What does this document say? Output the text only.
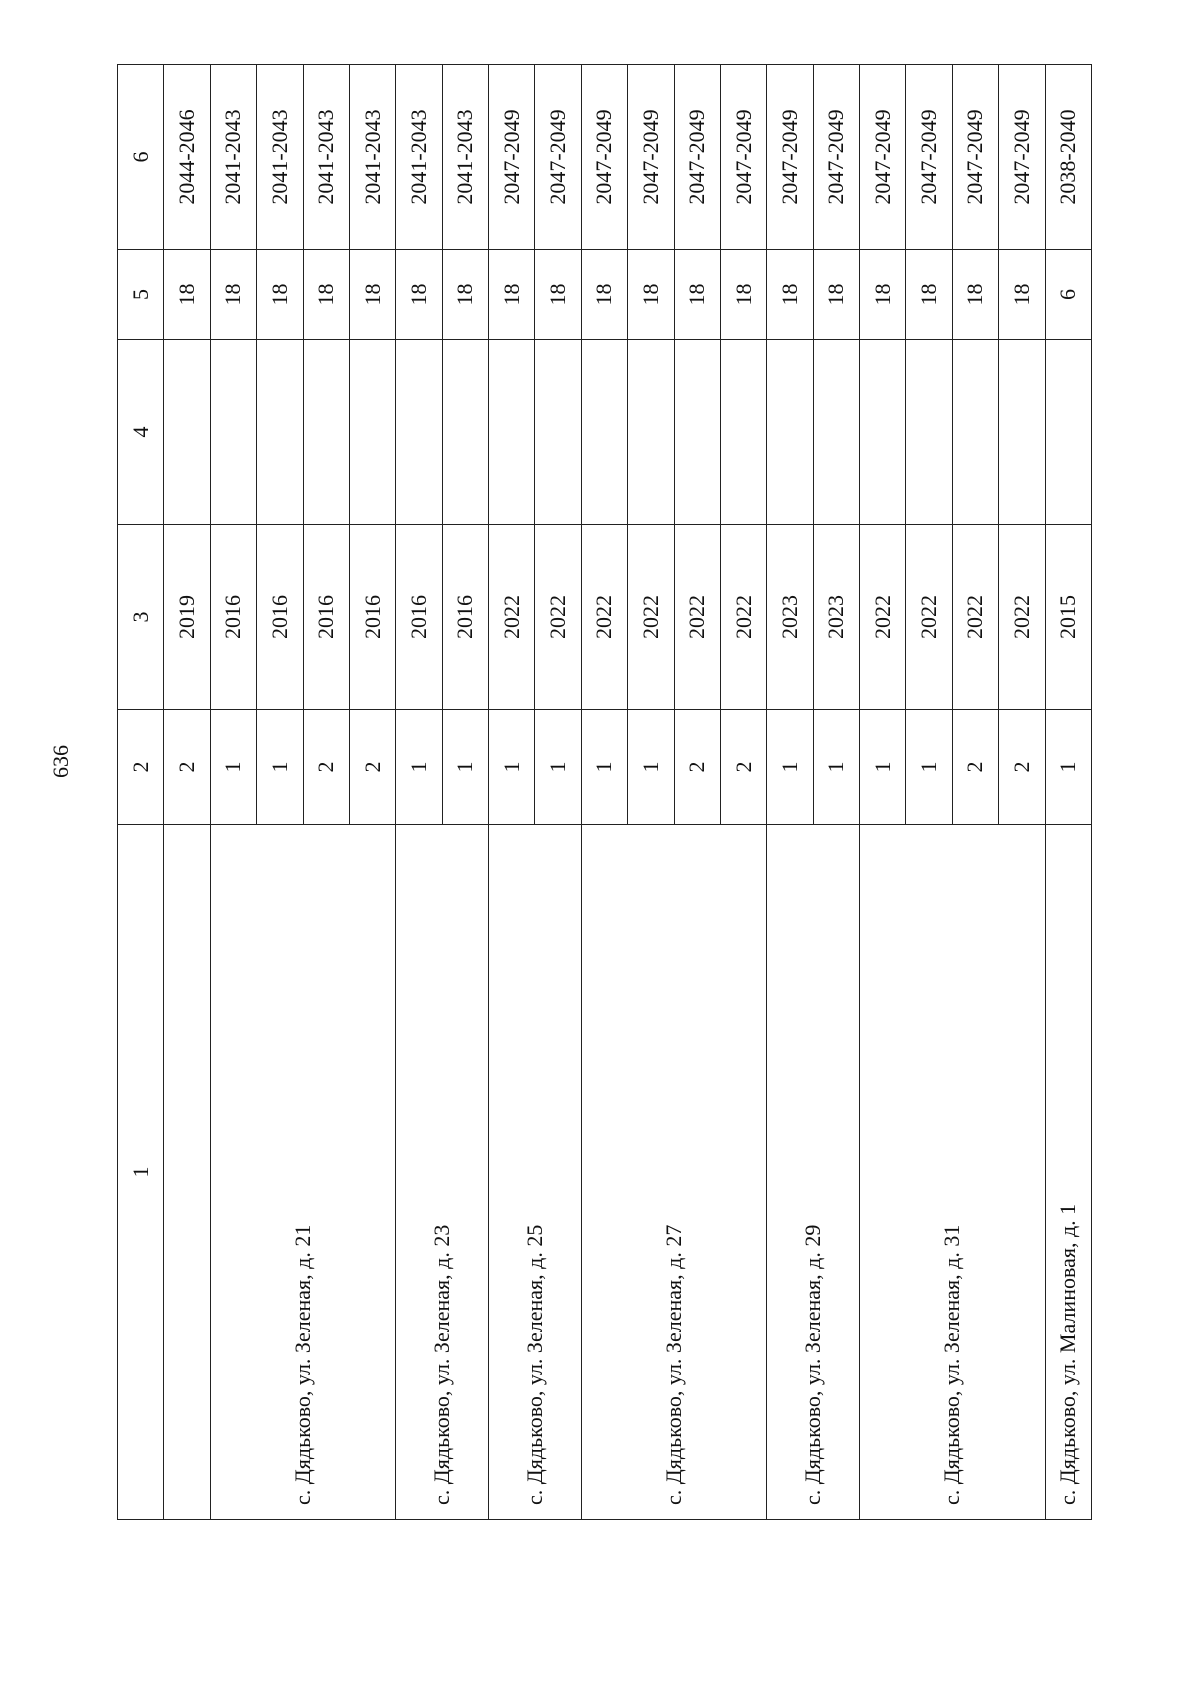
636
1	2	3	4	5	6
	2	2019		18	2044-2046
с. Дядьково, ул. Зеленая, д. 21	1	2016		18	2041-2043
	1	2016		18	2041-2043
	2	2016		18	2041-2043
	2	2016		18	2041-2043
с. Дядьково, ул. Зеленая, д. 23	1	2016		18	2041-2043
	1	2016		18	2041-2043
с. Дядьково, ул. Зеленая, д. 25	1	2022		18	2047-2049
	1	2022		18	2047-2049
с. Дядьково, ул. Зеленая, д. 27	1	2022		18	2047-2049
	1	2022		18	2047-2049
	2	2022		18	2047-2049
	2	2022		18	2047-2049
с. Дядьково, ул. Зеленая, д. 29	1	2023		18	2047-2049
	1	2023		18	2047-2049
с. Дядьково, ул. Зеленая, д. 31	1	2022		18	2047-2049
	1	2022		18	2047-2049
	2	2022		18	2047-2049
	2	2022		18	2047-2049
с. Дядьково, ул. Малиновая, д. 1	1	2015		6	2038-2040
